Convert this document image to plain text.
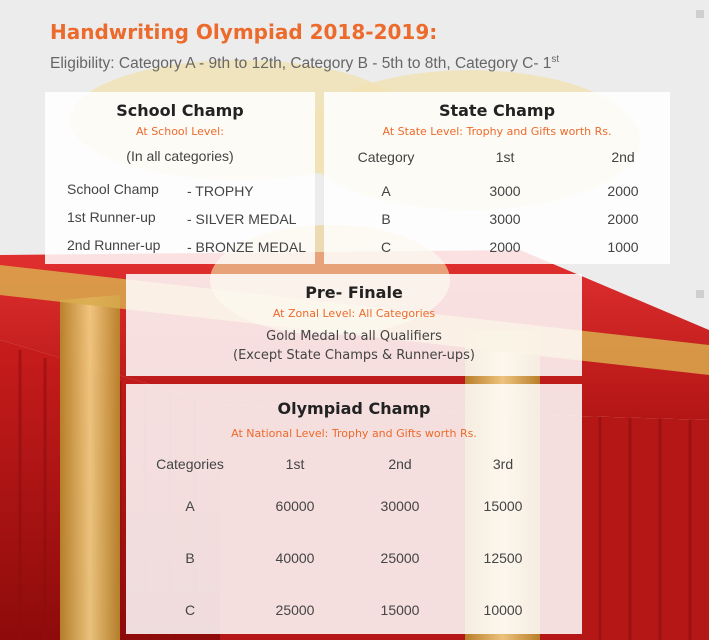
Handwriting Olympiad 2018-2019:
Eligibility: Category A - 9th to 12th, Category B - 5th to 8th, Category C- 1st
School Champ
At School Level:
(In all categories)
School Champ - TROPHY
1st Runner-up - SILVER MEDAL
2nd Runner-up - BRONZE MEDAL
State Champ
At State Level: Trophy and Gifts worth Rs.
Category	1st	2nd
A	3000	2000
B	3000	2000
C	2000	1000
Pre- Finale
At Zonal Level: All Categories
Gold Medal to all Qualifiers
(Except State Champs & Runner-ups)
Olympiad Champ
At National Level: Trophy and Gifts worth Rs.
Categories	1st	2nd	3rd
A	60000	30000	15000
B	40000	25000	12500
C	25000	15000	10000
